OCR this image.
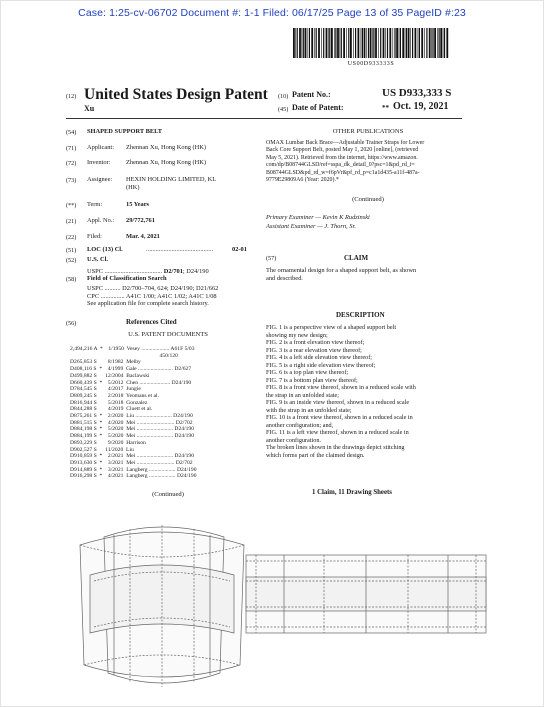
Case: 1:25-cv-06702 Document #: 1-1 Filed: 06/17/25 Page 13 of 35 PageID #:23
US00D933333S
(12) United States Design Patent
Xu
(10) Patent No.:	US D933,333 S
(45) Date of Patent:	** Oct. 19, 2021
(54) SHAPED SUPPORT BELT
(71) Applicant: Zhennan Xu, Hong Kong (HK)
(72) Inventor: Zhennan Xu, Hong Kong (HK)
(73) Assignee: HEXIN HOLDING LIMITED, KL
(HK)
(**) Term:	15 Years
(21) Appl. No.: 29/772,761
(22) Filed:	Mar. 4, 2021
(51) LOC (13) Cl.	02-01
(52) U.S. Cl.
(58) Field of Classification Search
..........................................
USPC .................................... D2/701; D24/190
USPC .......... D2/700–704, 624; D24/190; D21/662
CPC ............... A41C 1/00; A41C 1/02; A41C 1/08
See application file for complete search history.
(56)	References Cited
U.S. PATENT DOCUMENTS
2,494,216 A  *    1/1950  Vesey .................... A61F 5/03
450/120
D265,853 S        8/1982  Melby
D408,116 S  *    4/1999  Gale ......................... D2/627
D499,882 S      12/2004  Baclawski
D660,439 S  *    5/2012  Chen ...................... D24/190
D784,545 S        4/2017  Jungie
D809,245 S        2/2018  Yeomans et al.
D816,944 S        5/2018  Gonzalez
D844,288 S        4/2019  Cluett et al.
D875,261 S  *    2/2020  Liu .......................... D24/190
D881,515 S  *    4/2020  Mei ........................... D2/702
D884,198 S  *    5/2020  Mei .......................... D24/190
D884,199 S  *    5/2020  Mei .......................... D24/190
D893,229 S        9/2020  Harrison
D902,527 S      11/2020  Liu
D910,859 S  *    2/2021  Mei .......................... D24/190
D913,630 S  *    3/2021  Mei ........................... D2/702
D914,889 S  *    3/2021  Langberg ................... D24/190
D916,298 S  *    4/2021  Langberg ................... D24/190
(Continued)
OTHER PUBLICATIONS
OMAX Lumbar Back Brace—Adjustable Trainer Straps for Lower
Back Core Support Belt, posted May 1, 2020 [online], (retrieved
May 5, 2021). Retrieved from the internet, https://www.amazon.
com/dp/B08744GLSD/ref=sspa_dk_detail_0?psc=1&pd_rd_i=
B08744GLSD&pd_rd_w=f6pVr&pf_rd_p=c1a1d435-a11f-487a-
9779E29809A6 (Year: 2020).*
(Continued)
Primary Examiner — Kevin K Rudzinski
Assistant Examiner — J. Thorn, Sr.
(57)	CLAIM
The ornamental design for a shaped support belt, as shown
and described.
DESCRIPTION
FIG. 1 is a perspective view of a shaped support belt
showing my new design;
FIG. 2 is a front elevation view thereof;
FIG. 3 is a rear elevation view thereof;
FIG. 4 is a left side elevation view thereof;
FIG. 5 is a right side elevation view thereof;
FIG. 6 is a top plan view thereof;
FIG. 7 is a bottom plan view thereof;
FIG. 8 is a front view thereof, shown in a reduced scale with
the strap in an unfolded state;
FIG. 9 is an inside view thereof, shown in a reduced scale
with the strap in an unfolded state;
FIG. 10 is a front view thereof, shown in a reduced scale in
another configuration; and,
FIG. 11 is a left view thereof, shown in a reduced scale in
another configuration.
The broken lines shown in the drawings depict stitching
which forms part of the claimed design.
1 Claim, 11 Drawing Sheets
